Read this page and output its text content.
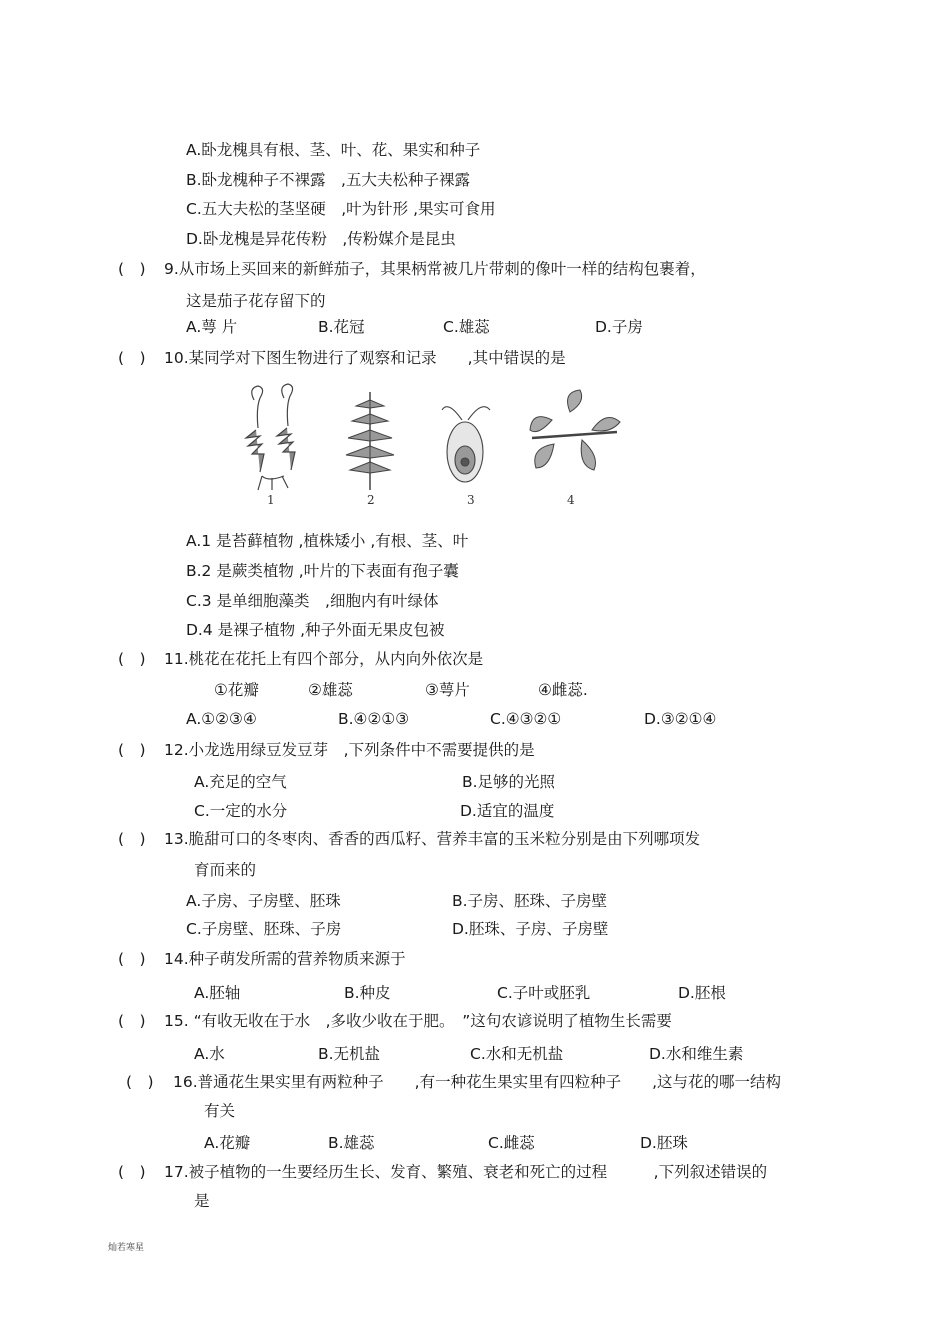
A.卧龙槐具有根、茎、叶、花、果实和种子
B.卧龙槐种子不裸露　,五大夫松种子裸露
C.五大夫松的茎坚硬　,叶为针形 ,果实可食用
D.卧龙槐是异花传粉　,传粉媒介是昆虫
(　) 9.从市场上买回来的新鲜茄子，其果柄常被几片带刺的像叶一样的结构包裹着，
这是茄子花存留下的
A.萼 片	B.花冠	C.雄蕊	D.子房
(　) 10.某同学对下图生物进行了观察和记录　　,其中错误的是
1	2	3	4
A.1 是苔藓植物 ,植株矮小 ,有根、茎、叶
B.2 是蕨类植物 ,叶片的下表面有孢子囊
C.3 是单细胞藻类　,细胞内有叶绿体
D.4 是裸子植物 ,种子外面无果皮包被
(　) 11.桃花在花托上有四个部分，从内向外依次是
①花瓣	②雄蕊	③萼片	④雌蕊.
A.①②③④	B.④②①③	C.④③②①	D.③②①④
(　) 12.小龙选用绿豆发豆芽　,下列条件中不需要提供的是
A.充足的空气	B.足够的光照
C.一定的水分	D.适宜的温度
(　) 13.脆甜可口的冬枣肉、香香的西瓜籽、营养丰富的玉米粒分别是由下列哪项发
育而来的
A.子房、子房壁、胚珠	B.子房、胚珠、子房壁
C.子房壁、胚珠、子房	D.胚珠、子房、子房壁
(　) 14.种子萌发所需的营养物质来源于
A.胚轴	B.种皮	C.子叶或胚乳	D.胚根
(　) 15. “有收无收在于水　,多收少收在于肥。　”这句农谚说明了植物生长需要
A.水	B.无机盐	C.水和无机盐	D.水和维生素
(　) 16.普通花生果实里有两粒种子　　,有一种花生果实里有四粒种子　　,这与花的哪一结构
有关
A.花瓣	B.雄蕊	C.雌蕊	D.胚珠
(　) 17.被子植物的一生要经历生长、发育、繁殖、衰老和死亡的过程　　　,下列叙述错误的
是
灿若寒星
